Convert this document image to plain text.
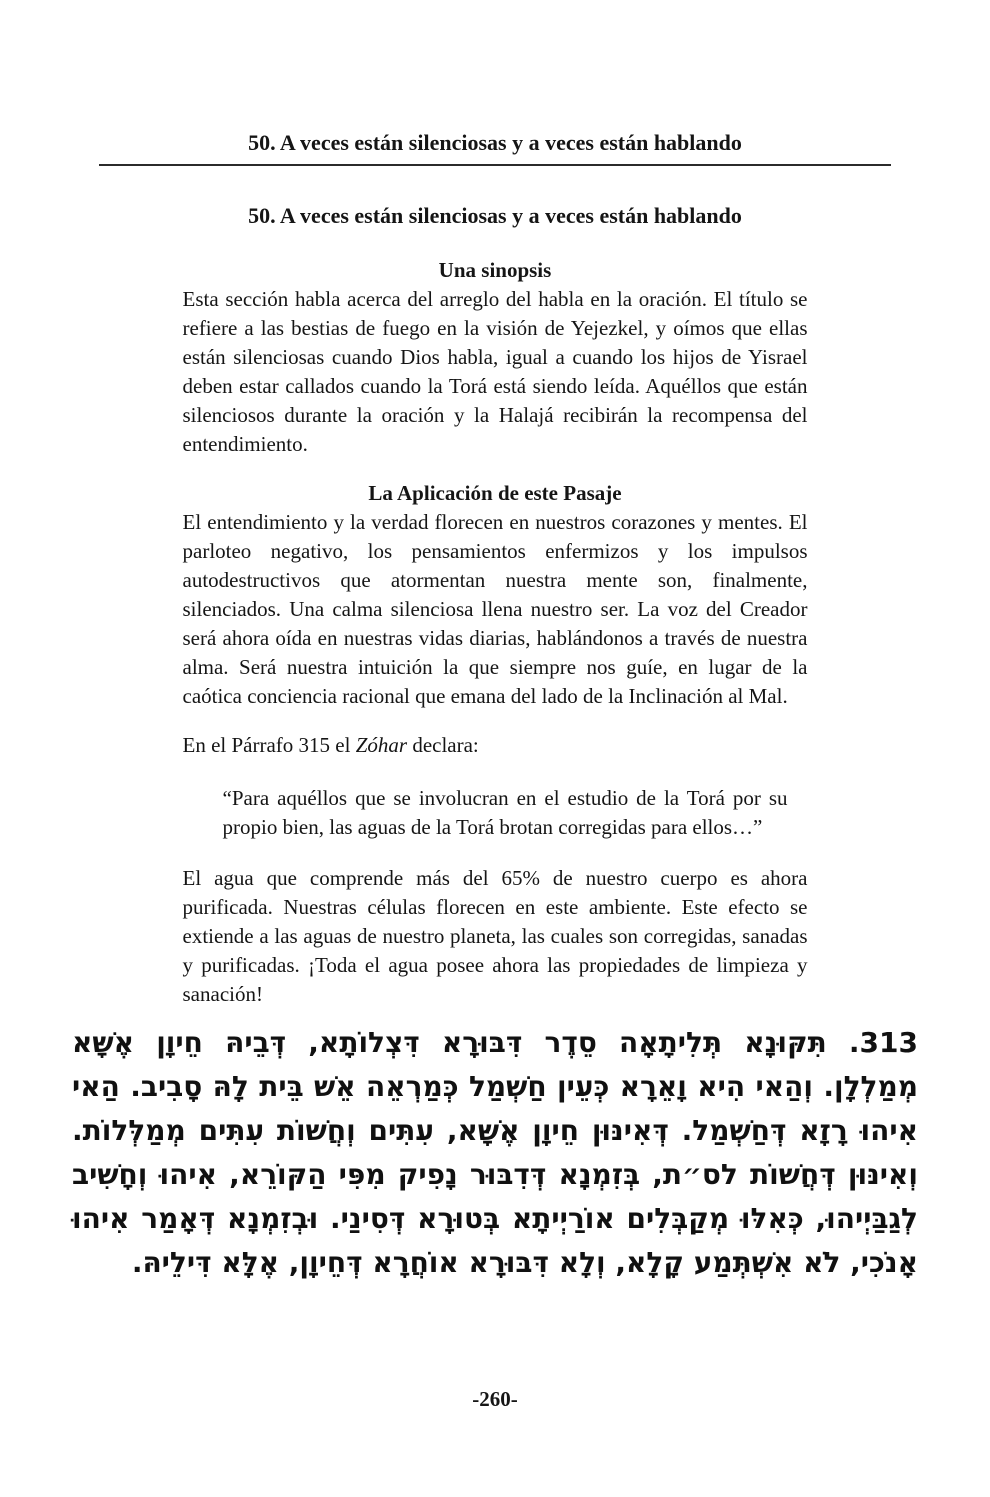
50. A veces están silenciosas y a veces están hablando
50. A veces están silenciosas y a veces están hablando
Una sinopsis

Esta sección habla acerca del arreglo del habla en la oración. El título se refiere a las bestias de fuego en la visión de Yejezkel, y oímos que ellas están silenciosas cuando Dios habla, igual a cuando los hijos de Yisrael deben estar callados cuando la Torá está siendo leída. Aquéllos que están silenciosos durante la oración y la Halajá recibirán la recompensa del entendimiento.

La Aplicación de este Pasaje

El entendimiento y la verdad florecen en nuestros corazones y mentes. El parloteo negativo, los pensamientos enfermizos y los impulsos autodestructivos que atormentan nuestra mente son, finalmente, silenciados. Una calma silenciosa llena nuestro ser. La voz del Creador será ahora oída en nuestras vidas diarias, hablándonos a través de nuestra alma. Será nuestra intuición la que siempre nos guíe, en lugar de la caótica conciencia racional que emana del lado de la Inclinación al Mal.

En el Párrafo 315 el Zóhar declara:

“Para aquéllos que se involucran en el estudio de la Torá por su propio bien, las aguas de la Torá brotan corregidas para ellos…”

El agua que comprende más del 65% de nuestro cuerpo es ahora purificada. Nuestras células florecen en este ambiente. Este efecto se extiende a las aguas de nuestro planeta, las cuales son corregidas, sanadas y purificadas. ¡Toda el agua posee ahora las propiedades de limpieza y sanación!

313. תִּקּוּנָא תְּלִיתָאָה סֵדֶר דִּבּוּרָא דִּצְלוֹתָא, דְּבֵיהּ חֵיוָן אֶשָּׁא מְמַלְלָן. וְהַאי הִיא וָאֵרָא כְּעֵין חַשְׁמַל כְּמַרְאֵה אֵשׁ בֵּית לָהּ סָבִיב. הַאי אִיהוּ רָזָא דְּחַשְׁמַל. דְּאִינּוּן חֵיוָן אֶשָּׁא, עִתִּים וְחֲשׁוֹת עִתִּים מְמַלְּלוֹת. וְאִינּוּן דְּחֲשׁוֹת לס״ת, בְּזִמְנָא דְּדִבּוּר נָפִיק מִפִּי הַקּוֹרֵא, אִיהוּ וְחָשִׁיב לְגַבַּיְיהוּ, כְּאִלּוּ מְקַבְּלִים אוֹרַיְיתָא בְּטוּרָא דְּסִינַי. וּבְזִמְנָא דְּאָמַר אִיהוּ אָנֹכִי, לֹא אִשְׁתְּמַע קָלָא, וְלָא דִּבּוּרָא אוֹחֲרָא דְּחֵיוָן, אֶלָּא דִּילֵיהּ.
-260-
